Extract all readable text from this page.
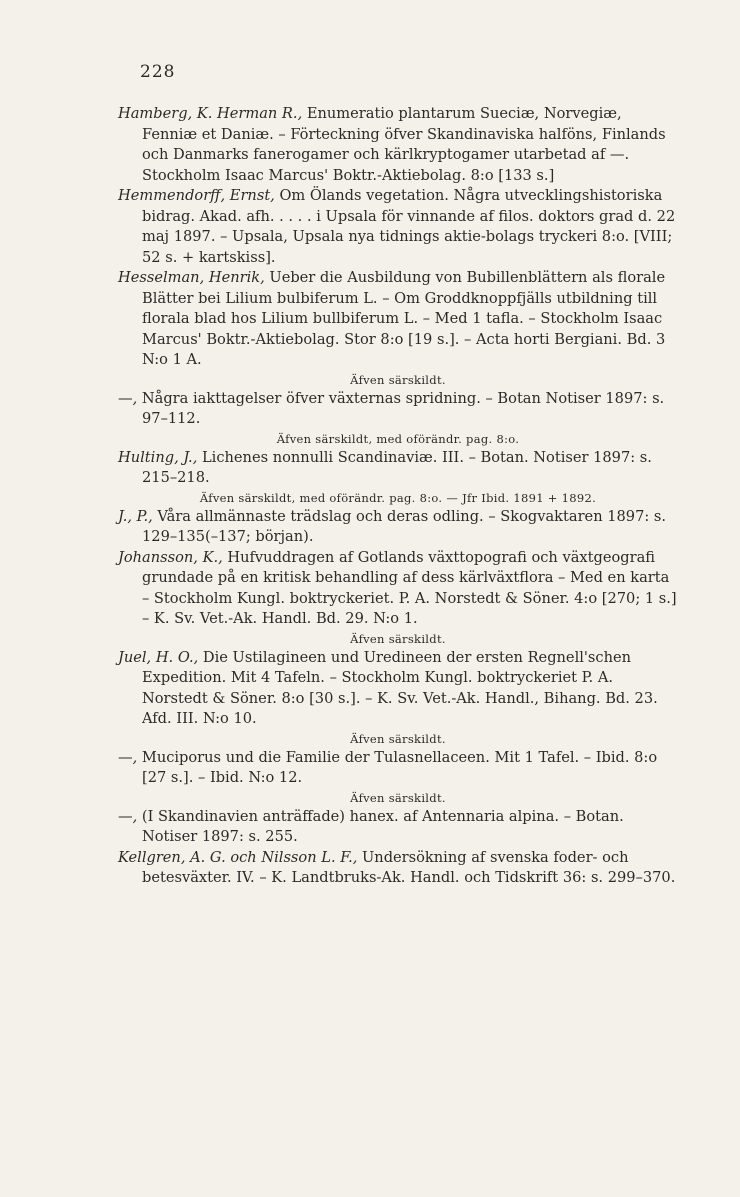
228

Hamberg, K. Herman R., Enumeratio plantarum Sueciæ, Norvegiæ, Fenniæ et Daniæ. – Förteckning öfver Skandinaviska halföns, Finlands och Danmarks fanerogamer och kärlkryptogamer utarbetad af —. Stockholm Isaac Marcus' Boktr.-Aktiebolag. 8:o [133 s.]

Hemmendorff, Ernst, Om Ölands vegetation. Några utvecklingshistoriska bidrag. Akad. afh. . . . . i Upsala för vinnande af filos. doktors grad d. 22 maj 1897. – Upsala, Upsala nya tidnings aktie-bolags tryckeri 8:o. [VIII; 52 s. + kartskiss].

Hesselman, Henrik, Ueber die Ausbildung von Bubillenblättern als florale Blätter bei Lilium bulbiferum L. – Om Groddknoppfjälls utbildning till florala blad hos Lilium bullbiferum L. – Med 1 tafla. – Stockholm Isaac Marcus' Boktr.-Aktiebolag. Stor 8:o [19 s.]. – Acta horti Bergiani. Bd. 3 N:o 1 A.

Äfven särskildt.

—, Några iakttagelser öfver växternas spridning. – Botan Notiser 1897: s. 97–112.

Äfven särskildt, med oförändr. pag. 8:o.

Hulting, J., Lichenes nonnulli Scandinaviæ. III. – Botan. Notiser 1897: s. 215–218.

Äfven särskildt, med oförändr. pag. 8:o. — Jfr Ibid. 1891 + 1892.

J., P., Våra allmännaste trädslag och deras odling. – Skogvaktaren 1897: s. 129–135(–137; början).

Johansson, K., Hufvuddragen af Gotlands växttopografi och växtgeografi grundade på en kritisk behandling af dess kärlväxtflora – Med en karta – Stockholm Kungl. boktryckeriet. P. A. Norstedt & Söner. 4:o [270; 1 s.] – K. Sv. Vet.-Ak. Handl. Bd. 29. N:o 1.

Äfven särskildt.

Juel, H. O., Die Ustilagineen und Uredineen der ersten Regnell'schen Expedition. Mit 4 Tafeln. – Stockholm Kungl. boktryckeriet P. A. Norstedt & Söner. 8:o [30 s.]. – K. Sv. Vet.-Ak. Handl., Bihang. Bd. 23. Afd. III. N:o 10.

Äfven särskildt.

—, Muciporus und die Familie der Tulasnellaceen. Mit 1 Tafel. – Ibid. 8:o [27 s.]. – Ibid. N:o 12.

Äfven särskildt.

—, (I Skandinavien anträffade) hanex. af Antennaria alpina. – Botan. Notiser 1897: s. 255.

Kellgren, A. G. och Nilsson L. F., Undersökning af svenska foder- och betesväxter. IV. – K. Landtbruks-Ak. Handl. och Tidskrift 36: s. 299–370.
